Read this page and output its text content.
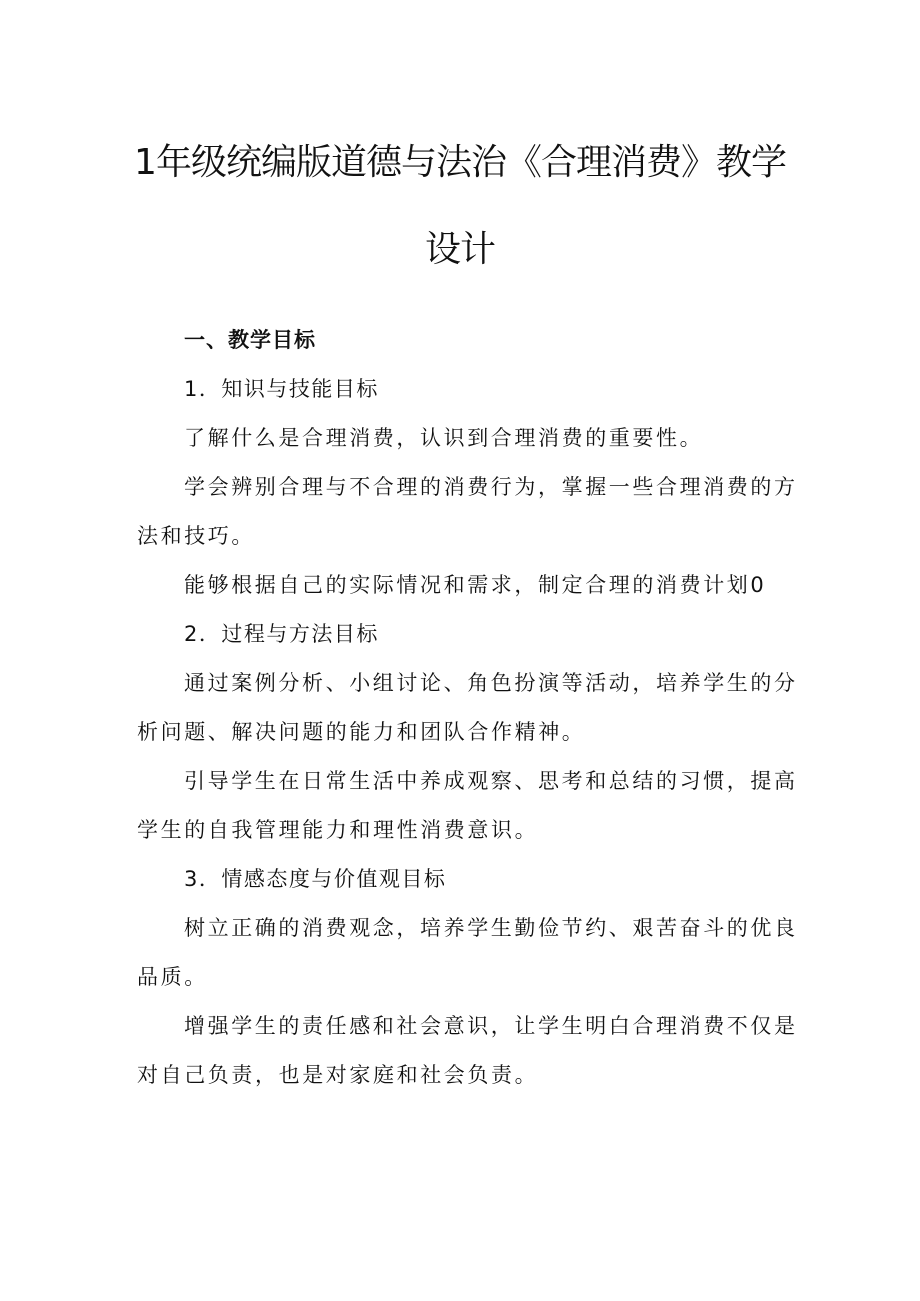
1年级统编版道德与法治《合理消费》教学
设计

一、教学目标

1．知识与技能目标

了解什么是合理消费，认识到合理消费的重要性。

学会辨别合理与不合理的消费行为，掌握一些合理消费的方

法和技巧。

能够根据自己的实际情况和需求，制定合理的消费计划0

2．过程与方法目标

通过案例分析、小组讨论、角色扮演等活动，培养学生的分

析问题、解决问题的能力和团队合作精神。

引导学生在日常生活中养成观察、思考和总结的习惯，提高

学生的自我管理能力和理性消费意识。

3．情感态度与价值观目标

树立正确的消费观念，培养学生勤俭节约、艰苦奋斗的优良

品质。

增强学生的责任感和社会意识，让学生明白合理消费不仅是

对自己负责，也是对家庭和社会负责。
